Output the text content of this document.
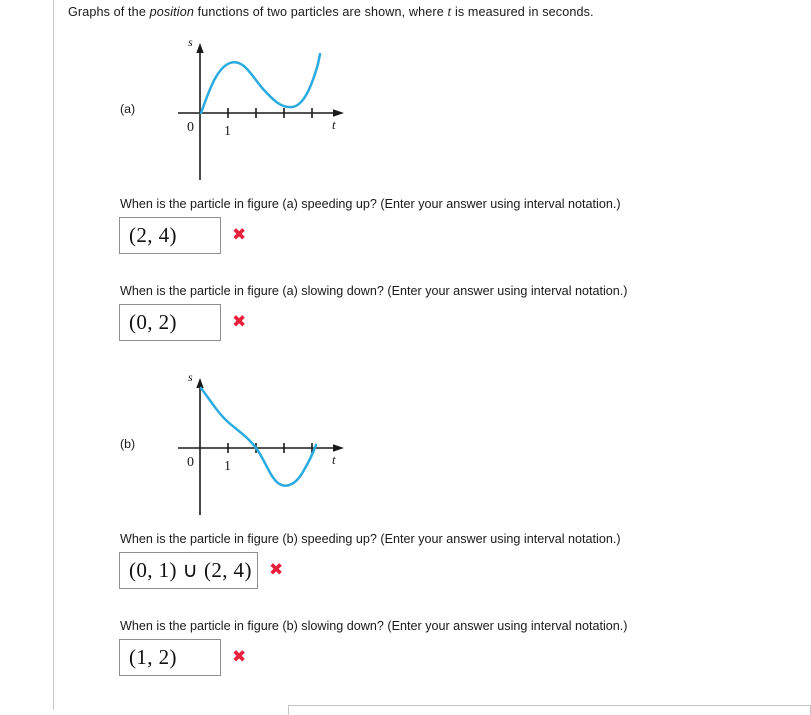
Graphs of the position functions of two particles are shown, where t is measured in seconds.
(a)
s
t
0 1
When is the particle in figure (a) speeding up? (Enter your answer using interval notation.)
(2, 4)	✖
When is the particle in figure (a) slowing down? (Enter your answer using interval notation.)
(0, 2)	✖
(b)
s
t
0 1
When is the particle in figure (b) speeding up? (Enter your answer using interval notation.)
(0, 1) ∪ (2, 4)	✖
When is the particle in figure (b) slowing down? (Enter your answer using interval notation.)
(1, 2)	✖
